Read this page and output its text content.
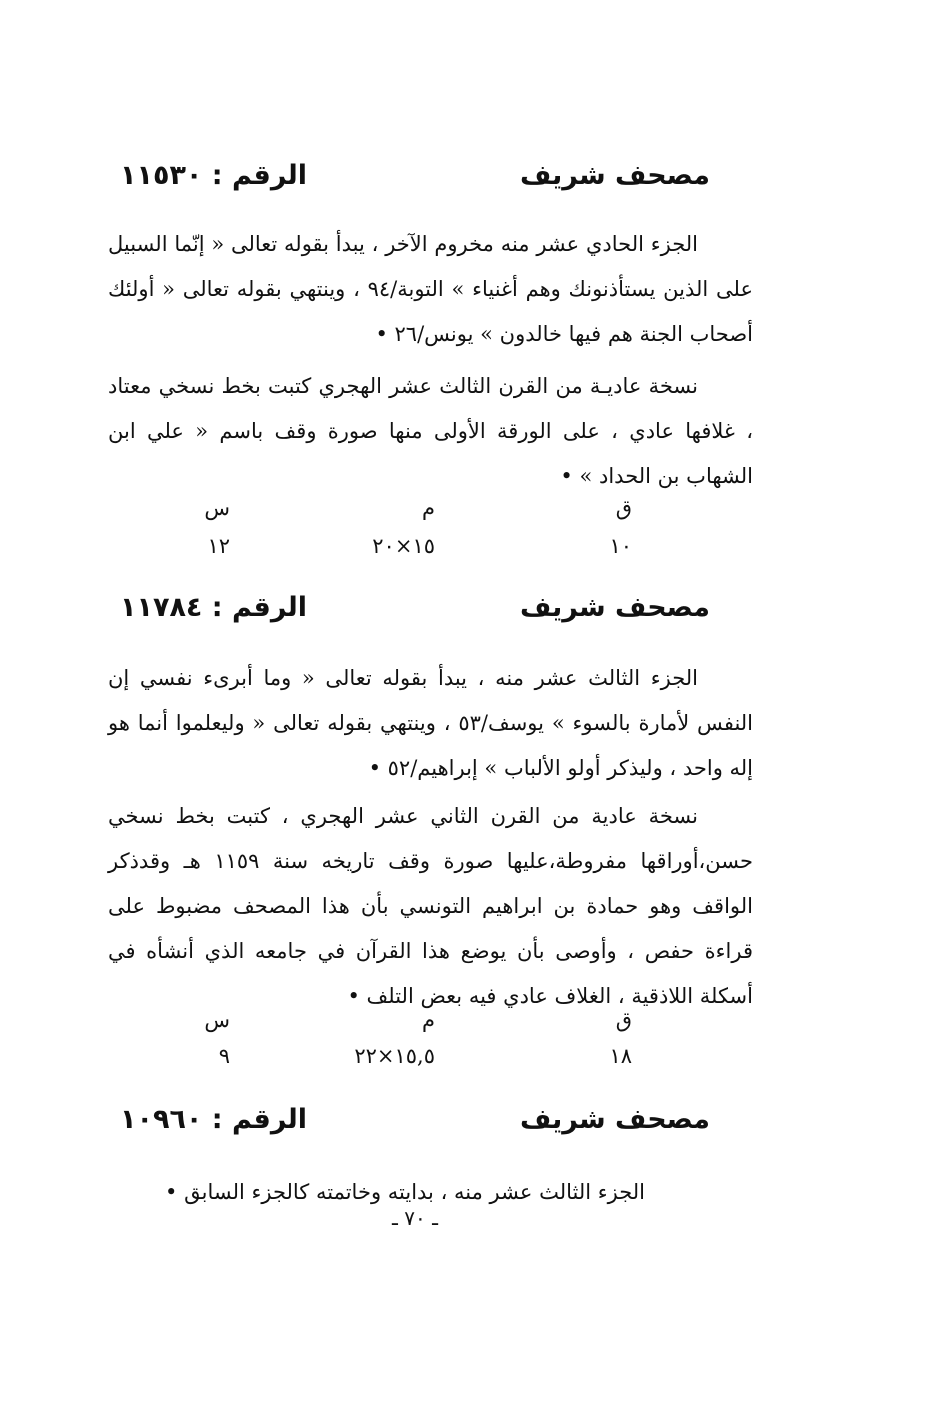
مصحف شريف
الرقم : ١١٥٣٠

الجزء الحادي عشر منه مخروم الآخر ، يبدأ بقوله تعالى « إنّما السبيل على الذين يستأذنونك وهم أغنياء » التوبة/٩٤ ، وينتهي بقوله تعالى « أولئك أصحاب الجنة هم فيها خالدون » يونس/٢٦ •

نسخة عاديـة من القرن الثالث عشر الهجري كتبت بخط نسخي معتاد ، غلافها عادي ، على الورقة الأولى منها صورة وقف باسم « علي ابن الشهاب بن الحداد » •

ق
م
س
١٠
١٥×٢٠
١٢
مصحف شريف
الرقم : ١١٧٨٤

الجزء الثالث عشر منه ، يبدأ بقوله تعالى « وما أبرىء نفسي إن النفس لأمارة بالسوء » يوسف/٥٣ ، وينتهي بقوله تعالى « وليعلموا أنما هو إله واحد ، وليذكر أولو الألباب » إبراهيم/٥٢ •

نسخة عادية من القرن الثاني عشر الهجري ، كتبت بخط نسخي حسن،أوراقها مفروطة،عليها صورة وقف تاريخه سنة ١١٥٩ هـ وقدذكر الواقف وهو حمادة بن ابراهيم التونسي بأن هذا المصحف مضبوط على قراءة حفص ، وأوصى بأن يوضع هذا القرآن في جامعه الذي أنشأه في أسكلة اللاذقية ، الغلاف عادي فيه بعض التلف •

ق
م
س
١٨
١٥,٥×٢٢
٩
مصحف شريف
الرقم : ١٠٩٦٠

الجزء الثالث عشر منه ، بدايته وخاتمته كالجزء السابق •

ـ ٧٠ ـ
